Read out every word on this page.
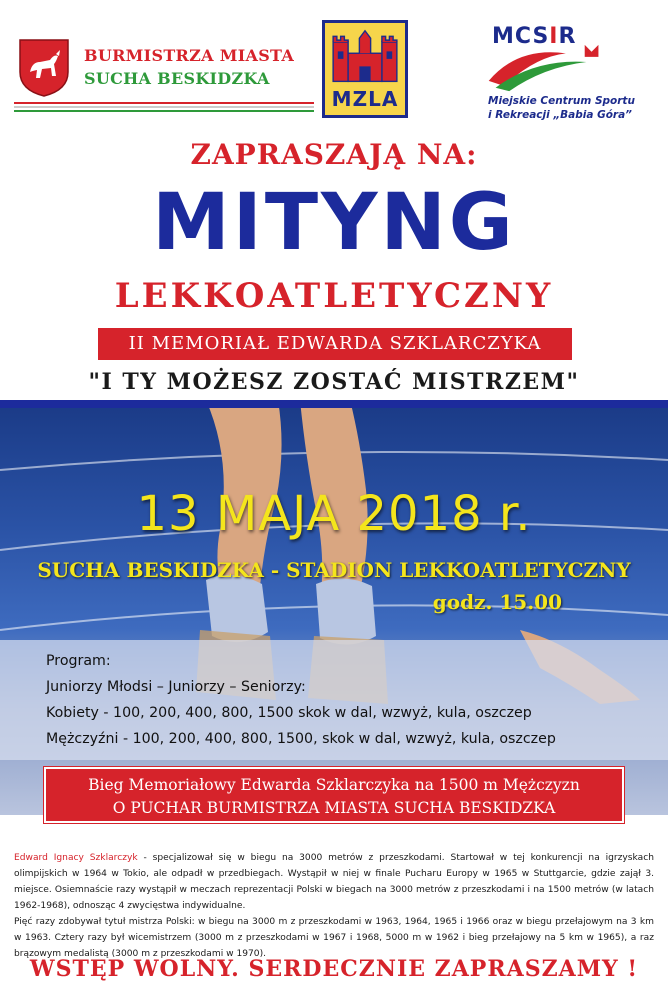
BURMISTRZA MIASTA
SUCHA BESKIDZKA
MZLA
MCSIR
Miejskie Centrum Sportu
i Rekreacji „Babia Góra”
ZAPRASZAJĄ NA:
MITYNG
LEKKOATLETYCZNY
II MEMORIAŁ EDWARDA SZKLARCZYKA
"I TY MOŻESZ ZOSTAĆ MISTRZEM"
13 MAJA 2018 r.
SUCHA BESKIDZKA - STADION LEKKOATLETYCZNY
godz. 15.00
Program:
Juniorzy Młodsi – Juniorzy – Seniorzy:
Kobiety - 100, 200, 400, 800, 1500 skok w dal, wzwyż, kula, oszczep
Mężczyźni - 100, 200, 400, 800, 1500, skok w dal, wzwyż, kula, oszczep
Bieg Memoriałowy Edwarda Szklarczyka na 1500 m Mężczyzn
O PUCHAR BURMISTRZA MIASTA SUCHA BESKIDZKA
Edward Ignacy Szklarczyk - specjalizował się w biegu na 3000 metrów z przeszkodami. Startował w tej konkurencji na igrzyskach olimpijskich w 1964 w Tokio, ale odpadł w przedbiegach. Wystąpił w niej w finale Pucharu Europy w 1965 w Stuttgarcie, gdzie zajął 3. miejsce. Osiemnaście razy wystąpił w meczach reprezentacji Polski w biegach na 3000 metrów z przeszkodami i na 1500 metrów (w latach 1962-1968), odnosząc 4 zwycięstwa indywidualne.
Pięć razy zdobywał tytuł mistrza Polski: w biegu na 3000 m z przeszkodami w 1963, 1964, 1965 i 1966 oraz w biegu przełajowym na 3 km w 1963. Cztery razy był wicemistrzem (3000 m z przeszkodami w 1967 i 1968, 5000 m w 1962 i bieg przełajowy na 5 km w 1965), a raz brązowym medalistą (3000 m z przeszkodami w 1970).
WSTĘP WOLNY. SERDECZNIE ZAPRASZAMY !
